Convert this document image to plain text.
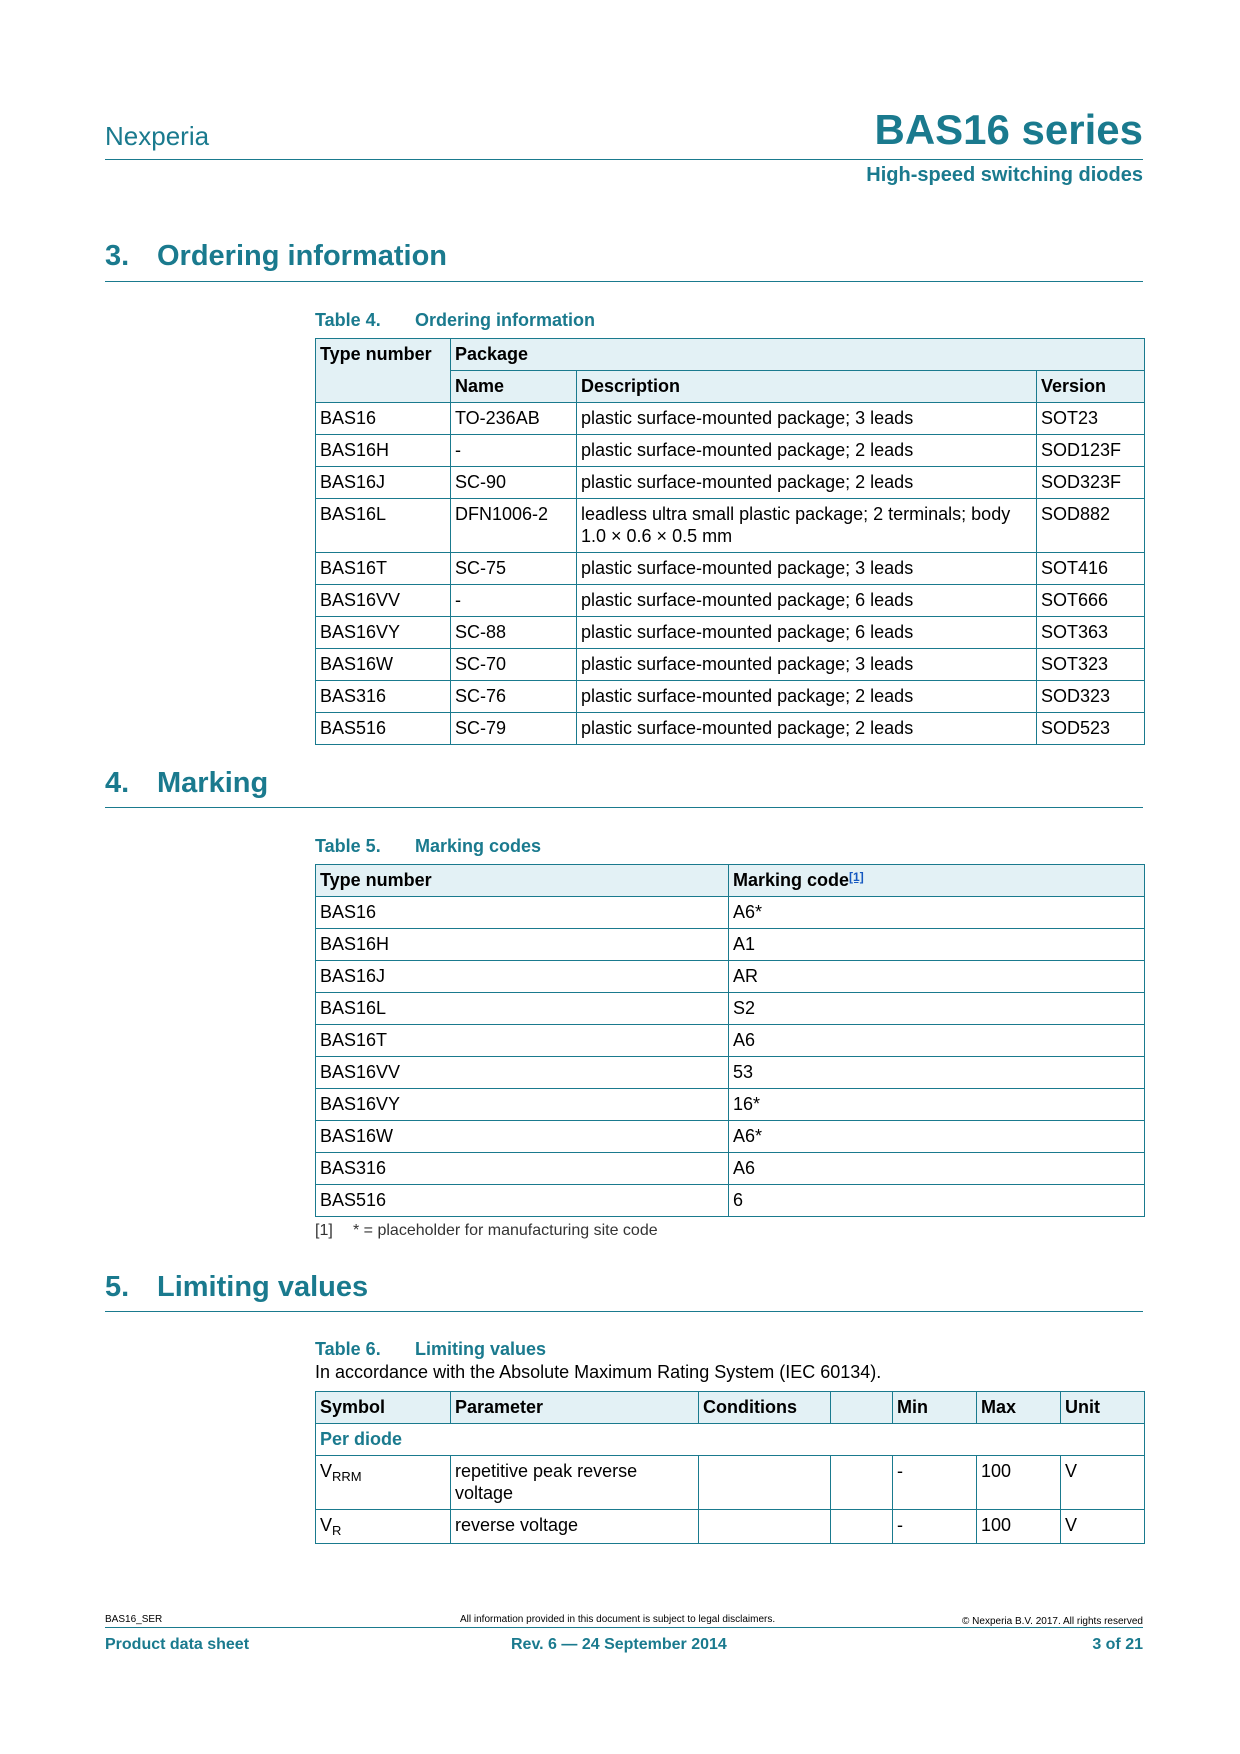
Nexperia	BAS16 series
High-speed switching diodes
3. Ordering information
Table 4. Ordering information
Type number	Package		
	Name	Description	Version
BAS16	TO-236AB	plastic surface-mounted package; 3 leads	SOT23
BAS16H	-	plastic surface-mounted package; 2 leads	SOD123F
BAS16J	SC-90	plastic surface-mounted package; 2 leads	SOD323F
BAS16L	DFN1006-2	leadless ultra small plastic package; 2 terminals; body 1.0 × 0.6 × 0.5 mm	SOD882
BAS16T	SC-75	plastic surface-mounted package; 3 leads	SOT416
BAS16VV	-	plastic surface-mounted package; 6 leads	SOT666
BAS16VY	SC-88	plastic surface-mounted package; 6 leads	SOT363
BAS16W	SC-70	plastic surface-mounted package; 3 leads	SOT323
BAS316	SC-76	plastic surface-mounted package; 2 leads	SOD323
BAS516	SC-79	plastic surface-mounted package; 2 leads	SOD523
4. Marking
Table 5. Marking codes
Type number	Marking code[1]
BAS16	A6*
BAS16H	A1
BAS16J	AR
BAS16L	S2
BAS16T	A6
BAS16VV	53
BAS16VY	16*
BAS16W	A6*
BAS316	A6
BAS516	6
[1] * = placeholder for manufacturing site code
5. Limiting values
Table 6. Limiting values
In accordance with the Absolute Maximum Rating System (IEC 60134).
Symbol	Parameter	Conditions		Min	Max	Unit
Per diode						
$V_{RRM}$	repetitive peak reverse voltage			-	100	V
$V_R$	reverse voltage			-	100	V
BAS16_SER	All information provided in this document is subject to legal disclaimers.	© Nexperia B.V. 2017. All rights reserved
Product data sheet	Rev. 6 — 24 September 2014	3 of 21
